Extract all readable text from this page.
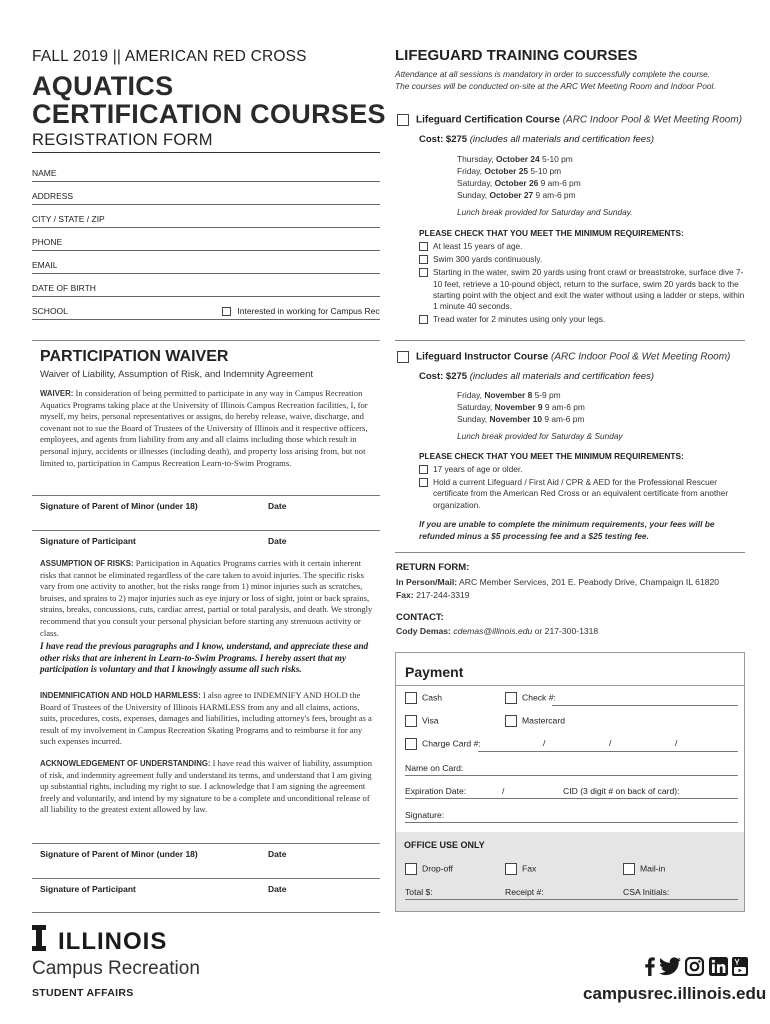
FALL 2019 || AMERICAN RED CROSS
AQUATICS
CERTIFICATION COURSES
REGISTRATION FORM
NAME
ADDRESS
CITY / STATE / ZIP
PHONE
EMAIL
DATE OF BIRTH
SCHOOL	Interested in working for Campus Rec
PARTICIPATION WAIVER
Waiver of Liability, Assumption of Risk, and Indemnity Agreement
WAIVER: In consideration of being permitted to participate in any way in Campus Recreation Aquatics Programs taking place at the University of Illinois Campus Recreation facilities, I, for myself, my heirs, personal representatives or assigns, do hereby release, waive, discharge, and covenant not to sue the Board of Trustees of the University of Illinois and it respective officers, employees, and agents from liability from any and all claims including those which result in personal injury, accidents or illnesses (including death), and property loss arising from, but not limited to, participation in Campus Recreation Learn-to-Swim Programs.
Signature of Parent of Minor (under 18)	Date
Signature of Participant	Date
ASSUMPTION OF RISKS: Participation in Aquatics Programs carries with it certain inherent risks that cannot be eliminated regardless of the care taken to avoid injuries. The specific risks vary from one activity to another, but the risks range from 1) minor injuries such as scratches, bruises, and sprains to 2) major injuries such as eye injury or loss of sight, joint or back sprains, strains, breaks, concussions, cuts, cardiac arrest, partial or total paralysis, and death. We strongly recommend that you consult your personal physician before starting any strenuous activity or class.
I have read the previous paragraphs and I know, understand, and appreciate these and other risks that are inherent in Learn-to-Swim Programs. I hereby assert that my participation is voluntary and that I knowingly assume all such risks.
INDEMNIFICATION AND HOLD HARMLESS: I also agree to INDEMNIFY AND HOLD the Board of Trustees of the University of Illinois HARMLESS from any and all claims, actions, suits, procedures, costs, expenses, damages and liabilities, including attorney's fees, brought as a result of my involvement in Campus Recreation Skating Programs and to reimburse it for any such expenses incurred.
ACKNOWLEDGEMENT OF UNDERSTANDING: I have read this waiver of liability, assumption of risk, and indemnity agreement fully and understand its terms, and understand that I am giving up substantial rights, including my right to sue. I acknowledge that I am signing the agreement freely and voluntarily, and intend by my signature to be a complete and unconditional release of all liability to the greatest extent allowed by law.
Signature of Parent of Minor (under 18)	Date
Signature of Participant	Date
LIFEGUARD TRAINING COURSES
Attendance at all sessions is mandatory in order to successfully complete the course.
The courses will be conducted on-site at the ARC Wet Meeting Room and Indoor Pool.
Lifeguard Certification Course (ARC Indoor Pool & Wet Meeting Room)
Cost: $275 (includes all materials and certification fees)
Thursday, October 24 5-10 pm
Friday, October 25 5-10 pm
Saturday, October 26 9 am-6 pm
Sunday, October 27 9 am-6 pm
Lunch break provided for Saturday and Sunday.
PLEASE CHECK THAT YOU MEET THE MINIMUM REQUIREMENTS:
At least 15 years of age.
Swim 300 yards continuously.
Starting in the water, swim 20 yards using front crawl or breaststroke, surface dive 7-10 feet, retrieve a 10-pound object, return to the surface, swim 20 yards back to the starting point with the object and exit the water without using a ladder or steps, within 1 minute 40 seconds.
Tread water for 2 minutes using only your legs.
Lifeguard Instructor Course (ARC Indoor Pool & Wet Meeting Room)
Cost: $275 (includes all materials and certification fees)
Friday, November 8 5-9 pm
Saturday, November 9 9 am-6 pm
Sunday, November 10 9 am-6 pm
Lunch break provided for Saturday & Sunday
PLEASE CHECK THAT YOU MEET THE MINIMUM REQUIREMENTS:
17 years of age or older.
Hold a current Lifeguard / First Aid / CPR & AED for the Professional Rescuer certificate from the American Red Cross or an equivalent certificate from another organization.
If you are unable to complete the minimum requirements, your fees will be refunded minus a $5 processing fee and a $25 testing fee.
RETURN FORM:
In Person/Mail: ARC Member Services, 201 E. Peabody Drive, Champaign IL 61820
Fax: 217-244-3319
CONTACT:
Cody Demas: cdemas@illinois.edu or 217-300-1318
Payment
Cash	Check #:
Visa	Mastercard
Charge Card #:	/	/	/
Name on Card:
Expiration Date:	/	CID (3 digit # on back of card):
Signature:
OFFICE USE ONLY
Drop-off	Fax	Mail-in
Total $:	Receipt #:	CSA Initials:
ILLINOIS
Campus Recreation
STUDENT AFFAIRS	campusrec.illinois.edu
